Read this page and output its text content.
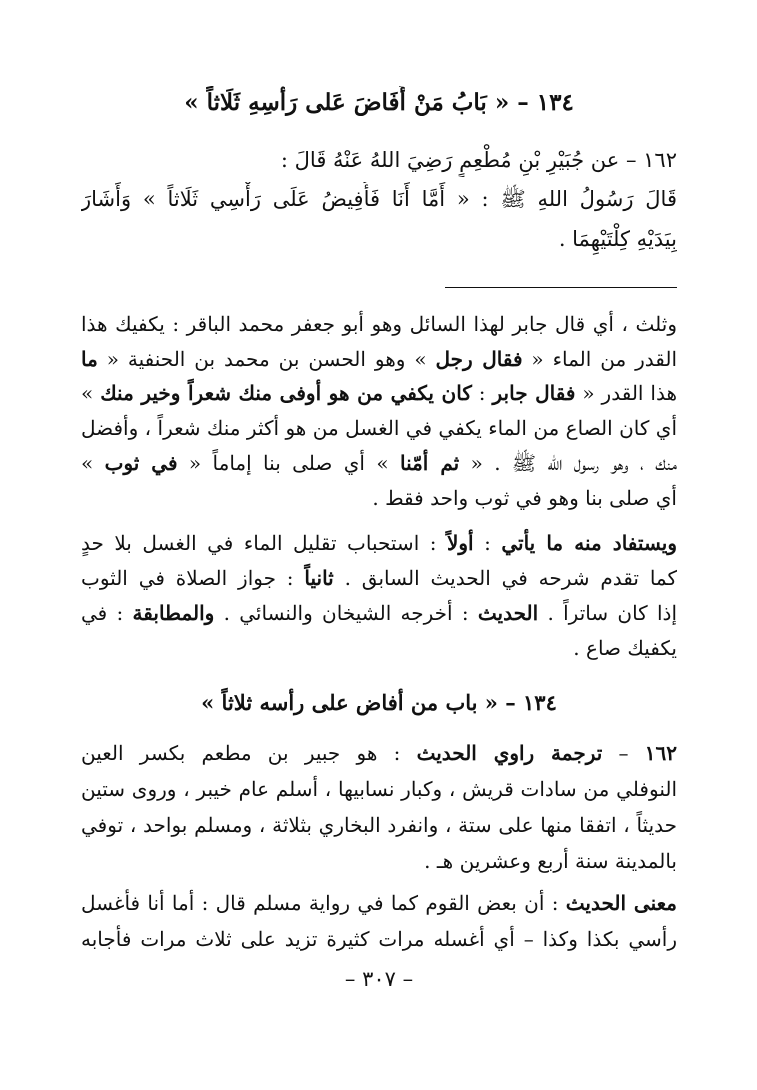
١٣٤ – « بَابُ مَنْ أَفَاضَ عَلى رَأْسِهِ ثَلَاثاً »
١٦٢ – عن جُبَيْرِ بْنِ مُطْعِمٍ رَضِيَ اللهُ عَنْهُ قَالَ :
قَالَ رَسُولُ اللهِ ﷺ : « أَمَّا أَنَا فَأُفِيضُ عَلَى رَأْسِي ثَلَاثاً » وَأَشَارَ
بِيَدَيْهِ كِلْتَيْهِمَا .
وثلث ، أي قال جابر لهذا السائل وهو أبو جعفر محمد الباقر : يكفيك هذا
القدر من الماء « فقال رجل » وهو الحسن بن محمد بن الحنفية « ما
هذا القدر « فقال جابر : كان يكفي من هو أوفى منك شعراً وخير منك »
أي كان الصاع من الماء يكفي في الغسل من هو أكثر منك شعراً ، وأفضل
منك ، وهو رسول الله ﷺ . « ثم أمّنا » أي صلى بنا إماماً « في ثوب »
أي صلى بنا وهو في ثوب واحد فقط .
ويستفاد منه ما يأتي : أولاً : استحباب تقليل الماء في الغسل بلا حدٍ
كما تقدم شرحه في الحديث السابق . ثانياً : جواز الصلاة في الثوب
إذا كان ساتراً . الحديث : أخرجه الشيخان والنسائي . والمطابقة : في
يكفيك صاع .
١٣٤ – « باب من أفاض على رأسه ثلاثاً »
١٦٢ – ترجمة راوي الحديث : هو جبير بن مطعم بكسر العين
النوفلي من سادات قريش ، وكبار نسابيها ، أسلم عام خيبر ، وروى ستين
حديثاً ، اتفقا منها على ستة ، وانفرد البخاري بثلاثة ، ومسلم بواحد ، توفي
بالمدينة سنة أربع وعشرين هـ .
معنى الحديث : أن بعض القوم كما في رواية مسلم قال : أما أنا فأغسل
رأسي بكذا وكذا – أي أغسله مرات كثيرة تزيد على ثلاث مرات فأجابه
– ٣٠٧ –
